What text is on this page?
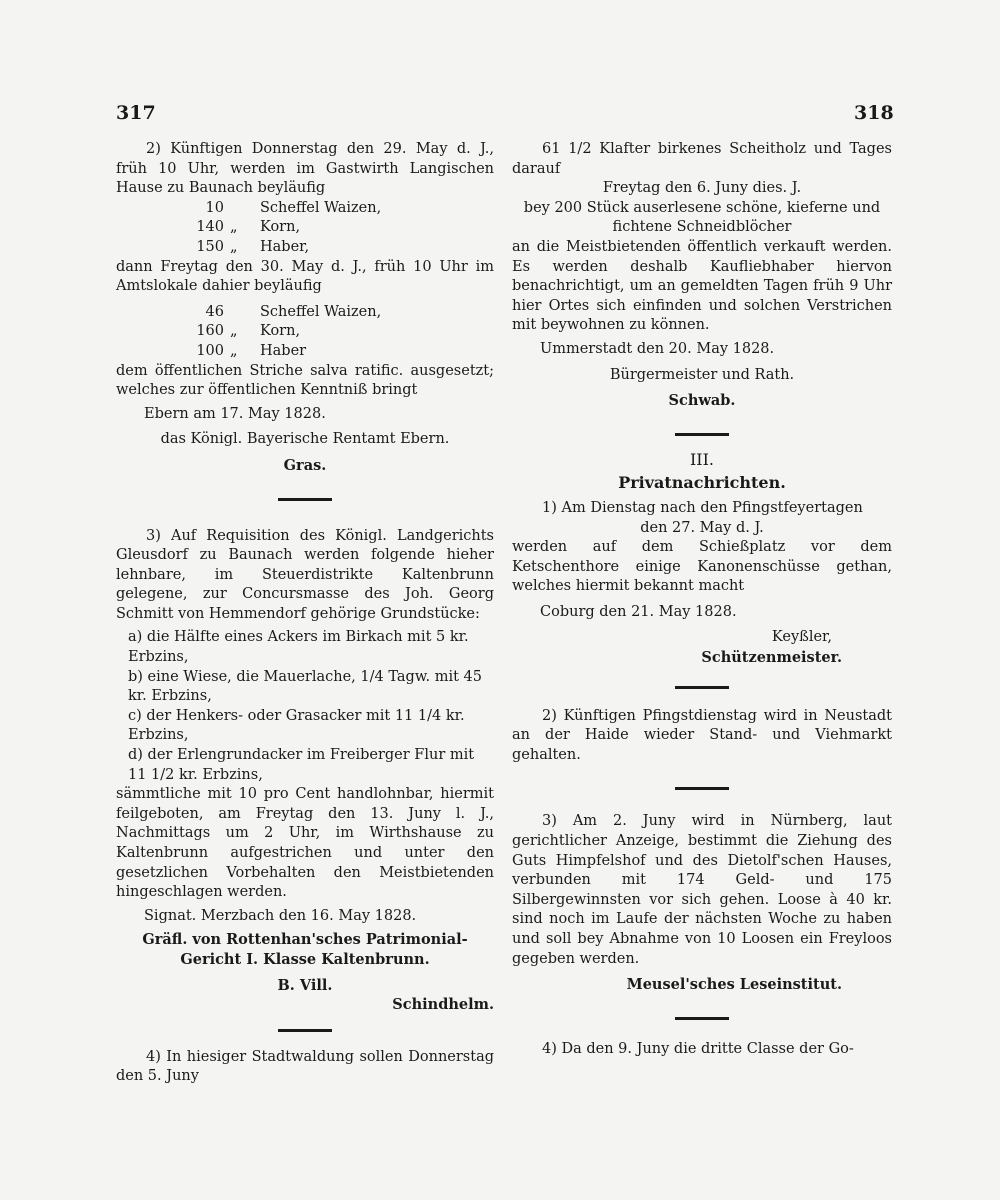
317	318

2) Künftigen Donnerstag den 29. May d. J., früh 10 Uhr, werden im Gastwirth Langischen Hause zu Baunach beyläufig

10	Scheffel Waizen,
140 „	Korn,
150 „	Haber,

dann Freytag den 30. May d. J., früh 10 Uhr im Amtslokale dahier beyläufig

46	Scheffel Waizen,
160 „	Korn,
100 „	Haber

dem öffentlichen Striche salva ratific. ausgesetzt; welches zur öffentlichen Kenntniß bringt

Ebern am 17. May 1828.

das Königl. Bayerische Rentamt Ebern.

Gras.

3) Auf Requisition des Königl. Landgerichts Gleusdorf zu Baunach werden folgende hieher lehnbare, im Steuerdistrikte Kaltenbrunn gelegene, zur Concursmasse des Joh. Georg Schmitt von Hemmendorf gehörige Grundstücke:

a) die Hälfte eines Ackers im Birkach mit 5 kr. Erbzins,
b) eine Wiese, die Mauerlache, 1/4 Tagw. mit 45 kr. Erbzins,
c) der Henkers- oder Grasacker mit 11 1/4 kr. Erbzins,
d) der Erlengrundacker im Freiberger Flur mit 11 1/2 kr. Erbzins,

sämmtliche mit 10 pro Cent handlohnbar, hiermit feilgeboten, am Freytag den 13. Juny l. J., Nachmittags um 2 Uhr, im Wirthshause zu Kaltenbrunn aufgestrichen und unter den gesetzlichen Vorbehalten den Meistbietenden hingeschlagen werden.

Signat. Merzbach den 16. May 1828.

Gräfl. von Rottenhan'sches Patrimonial-Gericht I. Klasse Kaltenbrunn.

B. Vill.

Schindhelm.

4) In hiesiger Stadtwaldung sollen Donnerstag den 5. Juny

61 1/2 Klafter birkenes Scheitholz und Tages darauf

Freytag den 6. Juny dies. J.

bey 200 Stück auserlesene schöne, kieferne und fichtene Schneidblöcher

an die Meistbietenden öffentlich verkauft werden. Es werden deshalb Kaufliebhaber hiervon benachrichtigt, um an gemeldten Tagen früh 9 Uhr hier Ortes sich einfinden und solchen Verstrichen mit beywohnen zu können.

Ummerstadt den 20. May 1828.

Bürgermeister und Rath.

Schwab.

III.

Privatnachrichten.

1) Am Dienstag nach den Pfingstfeyertagen

den 27. May d. J.

werden auf dem Schießplatz vor dem Ketschenthore einige Kanonenschüsse gethan, welches hiermit bekannt macht

Coburg den 21. May 1828.

Keyßler,

Schützenmeister.

2) Künftigen Pfingstdienstag wird in Neustadt an der Haide wieder Stand- und Viehmarkt gehalten.

3) Am 2. Juny wird in Nürnberg, laut gerichtlicher Anzeige, bestimmt die Ziehung des Guts Himpfelshof und des Dietolf'schen Hauses, verbunden mit 174 Geld- und 175 Silbergewinnsten vor sich gehen. Loose à 40 kr. sind noch im Laufe der nächsten Woche zu haben und soll bey Abnahme von 10 Loosen ein Freyloos gegeben werden.

Meusel'sches Leseinstitut.

4) Da den 9. Juny die dritte Classe der Go-
